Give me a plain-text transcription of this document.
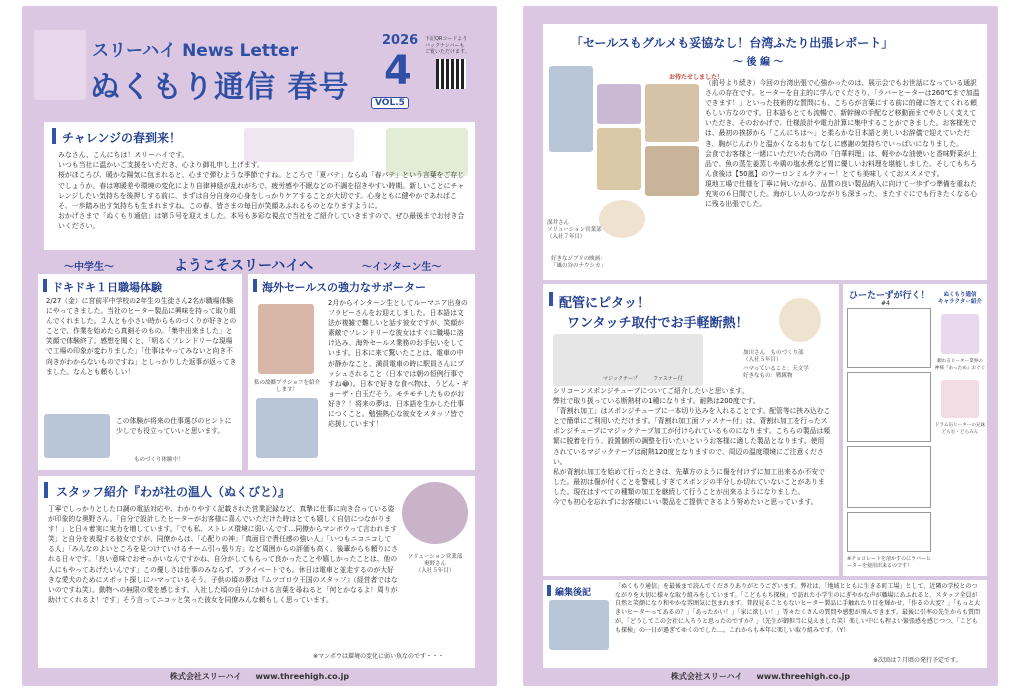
スリーハイ News Letter
ぬくもり通信 春号
2026
4
VOL.5
下記QRコードより
バックナンバーも
ご覧いただけます。
チャレンジの春到来！
みなさん、こんにちは！スリーハイです。
いつも当社に温かいご支援をいただき、心より御礼申し上げます。
桜がほころび、暖かな陽気に包まれると、心まで弾むような季節ですね。ところで「夏バテ」ならぬ「春バテ」という言葉をご存じでしょうか。春は寒暖差や環境の変化により自律神経が乱れがちで、疲労感や不眠などの不調を招きやすい時期。新しいことにチャレンジしたい気持ちを後押しする前に、まずは自分自身の心身をしっかりケアすることが大切です。心身ともに健やかであればこそ、一歩踏み出す気持ちも生まれますね。この春、皆さまの毎日が笑顔あふれるものとなりますように。
おかげさまで「ぬくもり通信」は第５号を迎えました。本号も多彩な視点で当社をご紹介していきますので、ぜひ最後までお付き合いください。
〜中学生〜	ようこそスリーハイへ	〜インターン生〜
ドキドキ１日職場体験
2/27（金）に宮前平中学校の2年生の生徒さん2名が職場体験にやってきました。当社のヒーター製品に興味を持って取り組んでくれました。２人とも小さい時からものづくりが好きとのことで、作業を始めたら真剣そのもの。「集中出来ました」と笑顔で体験終了。感想を聞くと、「明るくフレンドリーな現場で工場の印象が変わりました」「仕事はやってみないと向き不向きがわからないものですね」としっかりした返事が返ってきました。なんとも頼もしい！
この体験が将来の仕事選びのヒントに少しでも役立っていいと思います。
ものづくり体験中！
海外セールスの強力なサポーター
私の故郷ブラショフを紹介します！
2月からインターン生としてルーマニア出身のフラビーさんをお迎えしました。日本語は文法が複雑で難しいと話す彼女ですが、笑顔が素敵でフレンドリーな彼女はすぐに職場に溶け込み、海外セールス業務のお手伝いをしています。日本に来て驚いたことは、電車の中が静かなこと、満員電車の時に駅員さんにプッシュされること（日本では朝の恒例行事ですね😂）。日本で好きな食べ物は、うどん・ギョーザ・白玉だそう。モチモチしたものがお好き？！将来の夢は、日本語を生かした仕事につくこと。勉強熱心な彼女をスタッフ皆で応援しています！
スタッフ紹介『わが社の温人（ぬくびと）』
ソリューション営業部
奥野さん
（入社５年目）
丁寧でしっかりとした口調の電話対応や、わかりやすく記載された営業記録など、真摯に仕事に向き合っている姿が印象的な奥野さん。「自分で設計したヒーターがお客様に喜んでいただけた時はとても嬉しく自信につながります！」と日々着実に実力を増しています。「でも私、ストレス環境に弱いんです…同僚からマンボウって言われます笑」と自分を表現する彼女ですが、同僚からは、「心配りの神」「真面目で責任感の強い人」「いつもニコニコしてる人」「みんなのよいところを見つけていけるチーム引っ張り方」など周囲からの評価も高く、後輩からも頼りにされる日々です。「良い意味でおせっかいなんですかね、自分がしてもらって良かったことや嬉しかったことは、他の人にもやってあげたいんです」この優しさは仕事のみならず、プライベートでも。休日は電車と並走するのが大好きな愛犬のためにスポット探しにハマっているそう。子供の頃の夢は『ムツゴロウ王国のスタッフ』（経営者ではないのですね笑）。動物への無限の愛を感じます。入社した頃の自分にかける言葉を尋ねると「何とかなるよ！周りが助けてくれるよ！です」そう言ってニコッと笑った彼女を同僚みんな頼もしく思っています。
※マンボウは環境の変化に弱い魚なのです・・・
株式会社スリーハイ www.threehigh.co.jp
「セールスもグルメも妥協なし！台湾ふたり出張レポート」
〜 後 編 〜
お待たせしました！
深井さん
ソリューション営業部
（入社７年目）
好きなジブリの映画：
「風の谷のナウシカ」
（前号より続き）今回の台湾出張で心強かったのは、展示会でもお世話になっている通訳さんの存在です。ヒーターを自主的に学んでくださり、「ラバーヒーターは260℃まで加温できます！」といった技術的な質問にも、こちらが言葉にする前に的確に答えてくれる頼もしい方なのです。日本語もとても流暢で、新幹線の手配など移動面までやさしく支えていただき、そのおかげで、仕様設計や電力計算に集中することができました。お客様先では、最初の挨拶から「こんにちは〜」と柔らかな日本語と美しいお辞儀で迎えていただき、胸がじんわりと温かくなるおもてなしに感謝の気持ちでいっぱいになりました。
会食でお客様と一緒にいただいた台湾の「白華料理」は、軽やかな油使いと香味野菜が上品で、魚の蒸生姜蒸しや鶏の塩水煮など胃に優しいお料理を堪能しました。そしてもちろん食後は【50嵐】のウーロンミルクティー！とても美味しくておススメです。
現地工場で仕様を丁寧に伺いながら、品質の良い製品納入に向けて一歩ずつ準備を重ねた充実の６日間でした。海がしい人のつながりも深まった、またすぐにでも行きたくなる心に残る出張でした。
配管にピタッ！
ワンタッチ取付でお手軽断熱！
マジックテープ	ファスナー付
加川さん　ものづくり部
（入社５年目）
ハマっていること：天文学
好きなもの：戦隊物
シリコーンスポンジチューブについてご紹介したいと思います。
弊社で取り扱っている断熱材の1種になります。耐熱は200度です。
「背割れ加工」はスポンジチューブに一本切り込みを入れることです。配管等に挟み込むことで簡単にご利用いただけます。「背割れ加工面ファスナー付」は、背割れ加工を行ったスポンジチューブにマジックテープ加工が付けられているものになります。こちらの製品は頻繁に脱着を行う、設置個所の調整を行いたいというお客様に適した製品となります。使用されているマジックテープは耐熱120度となりますので、周辺の温度環境にご注意ください。
私が背割れ加工を始めて行ったときは、先輩方のように傷を付けずに加工出来るか不安でした。最初は傷が付くことを警戒しすぎてスポンジの半分しか切れていないことがありました。現在はすべての種類の加工を継続して行うことが出来るようになりました。
今でも初心を忘れずにお客様にいい製品をご提供できるよう努めたいと思っています。
ひーたーずが行く！
#4
ぬくもり通信
キャラクター紹介
頼れるヒーター業界の
神様『あっため』おぐぐ
ドラム缶ヒーターの兄妹
どらむ・どらみん
※チョコレートを溶かすのにラバーヒーターを使用出来るのです！
編集後記
「ぬくもり通信」を最後まで読んでくださりありがとうございます。弊社は、「地域とともに生きる町工場」として、近隣の学校とのつながりを大切に様々な取り組みをしています。「こどももち探検」で訪れた小学生のにぎやかな声が職場にあふれると、スタッフ全員が自然と笑顔になり和やかな雰囲気に包まれます。普段見ることもないヒーター製品に手触れたり目を輝かせ、「作るの大変？」「もっと大きいヒーターってあるの？」「あったかい！」「家に欲しい！」等々たくさんの質問や感想が飛んできます。最後に引率の先生からも質問が。「どうしてこの会社に入ろうと思ったのですか？」（先生が御担当に見えました笑）楽しい中にも程よい緊張感を感じつつ、「こどもも探検」の一日が過ぎてゆくのでした…。これからも本年に楽しい取り組みです。（Y）
※次回は７月頃の発行予定です。
株式会社スリーハイ www.threehigh.co.jp
